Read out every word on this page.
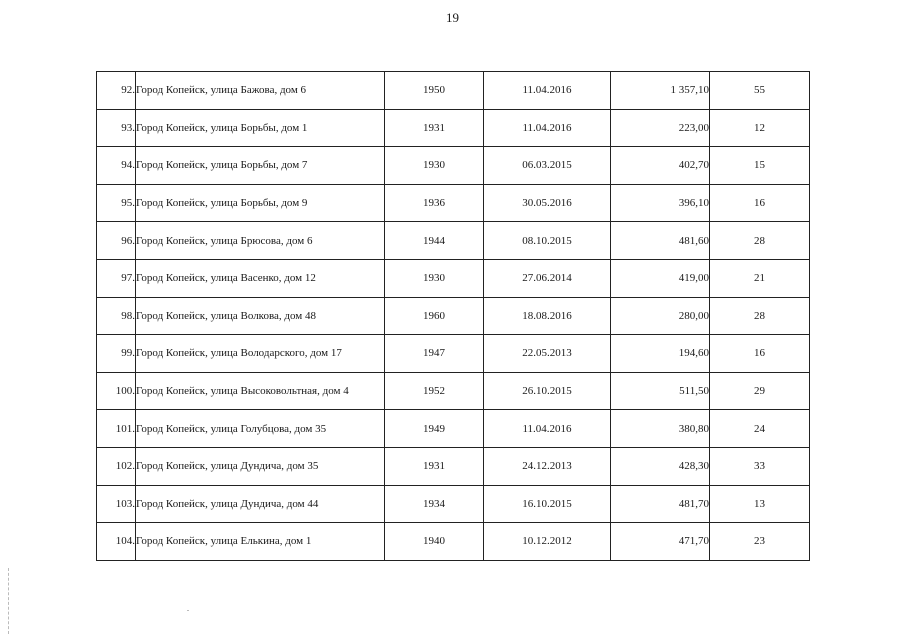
19
92.	Город Копейск, улица Бажова, дом 6	1950	11.04.2016	1 357,10	55
93.	Город Копейск, улица Борьбы, дом 1	1931	11.04.2016	223,00	12
94.	Город Копейск, улица Борьбы, дом 7	1930	06.03.2015	402,70	15
95.	Город Копейск, улица Борьбы, дом 9	1936	30.05.2016	396,10	16
96.	Город Копейск, улица Брюсова, дом 6	1944	08.10.2015	481,60	28
97.	Город Копейск, улица Васенко, дом 12	1930	27.06.2014	419,00	21
98.	Город Копейск, улица Волкова, дом 48	1960	18.08.2016	280,00	28
99.	Город Копейск, улица Володарского, дом 17	1947	22.05.2013	194,60	16
100.	Город Копейск, улица Высоковольтная, дом 4	1952	26.10.2015	511,50	29
101.	Город Копейск, улица Голубцова, дом 35	1949	11.04.2016	380,80	24
102.	Город Копейск, улица Дундича, дом 35	1931	24.12.2013	428,30	33
103.	Город Копейск, улица Дундича, дом 44	1934	16.10.2015	481,70	13
104.	Город Копейск, улица Елькина, дом 1	1940	10.12.2012	471,70	23
